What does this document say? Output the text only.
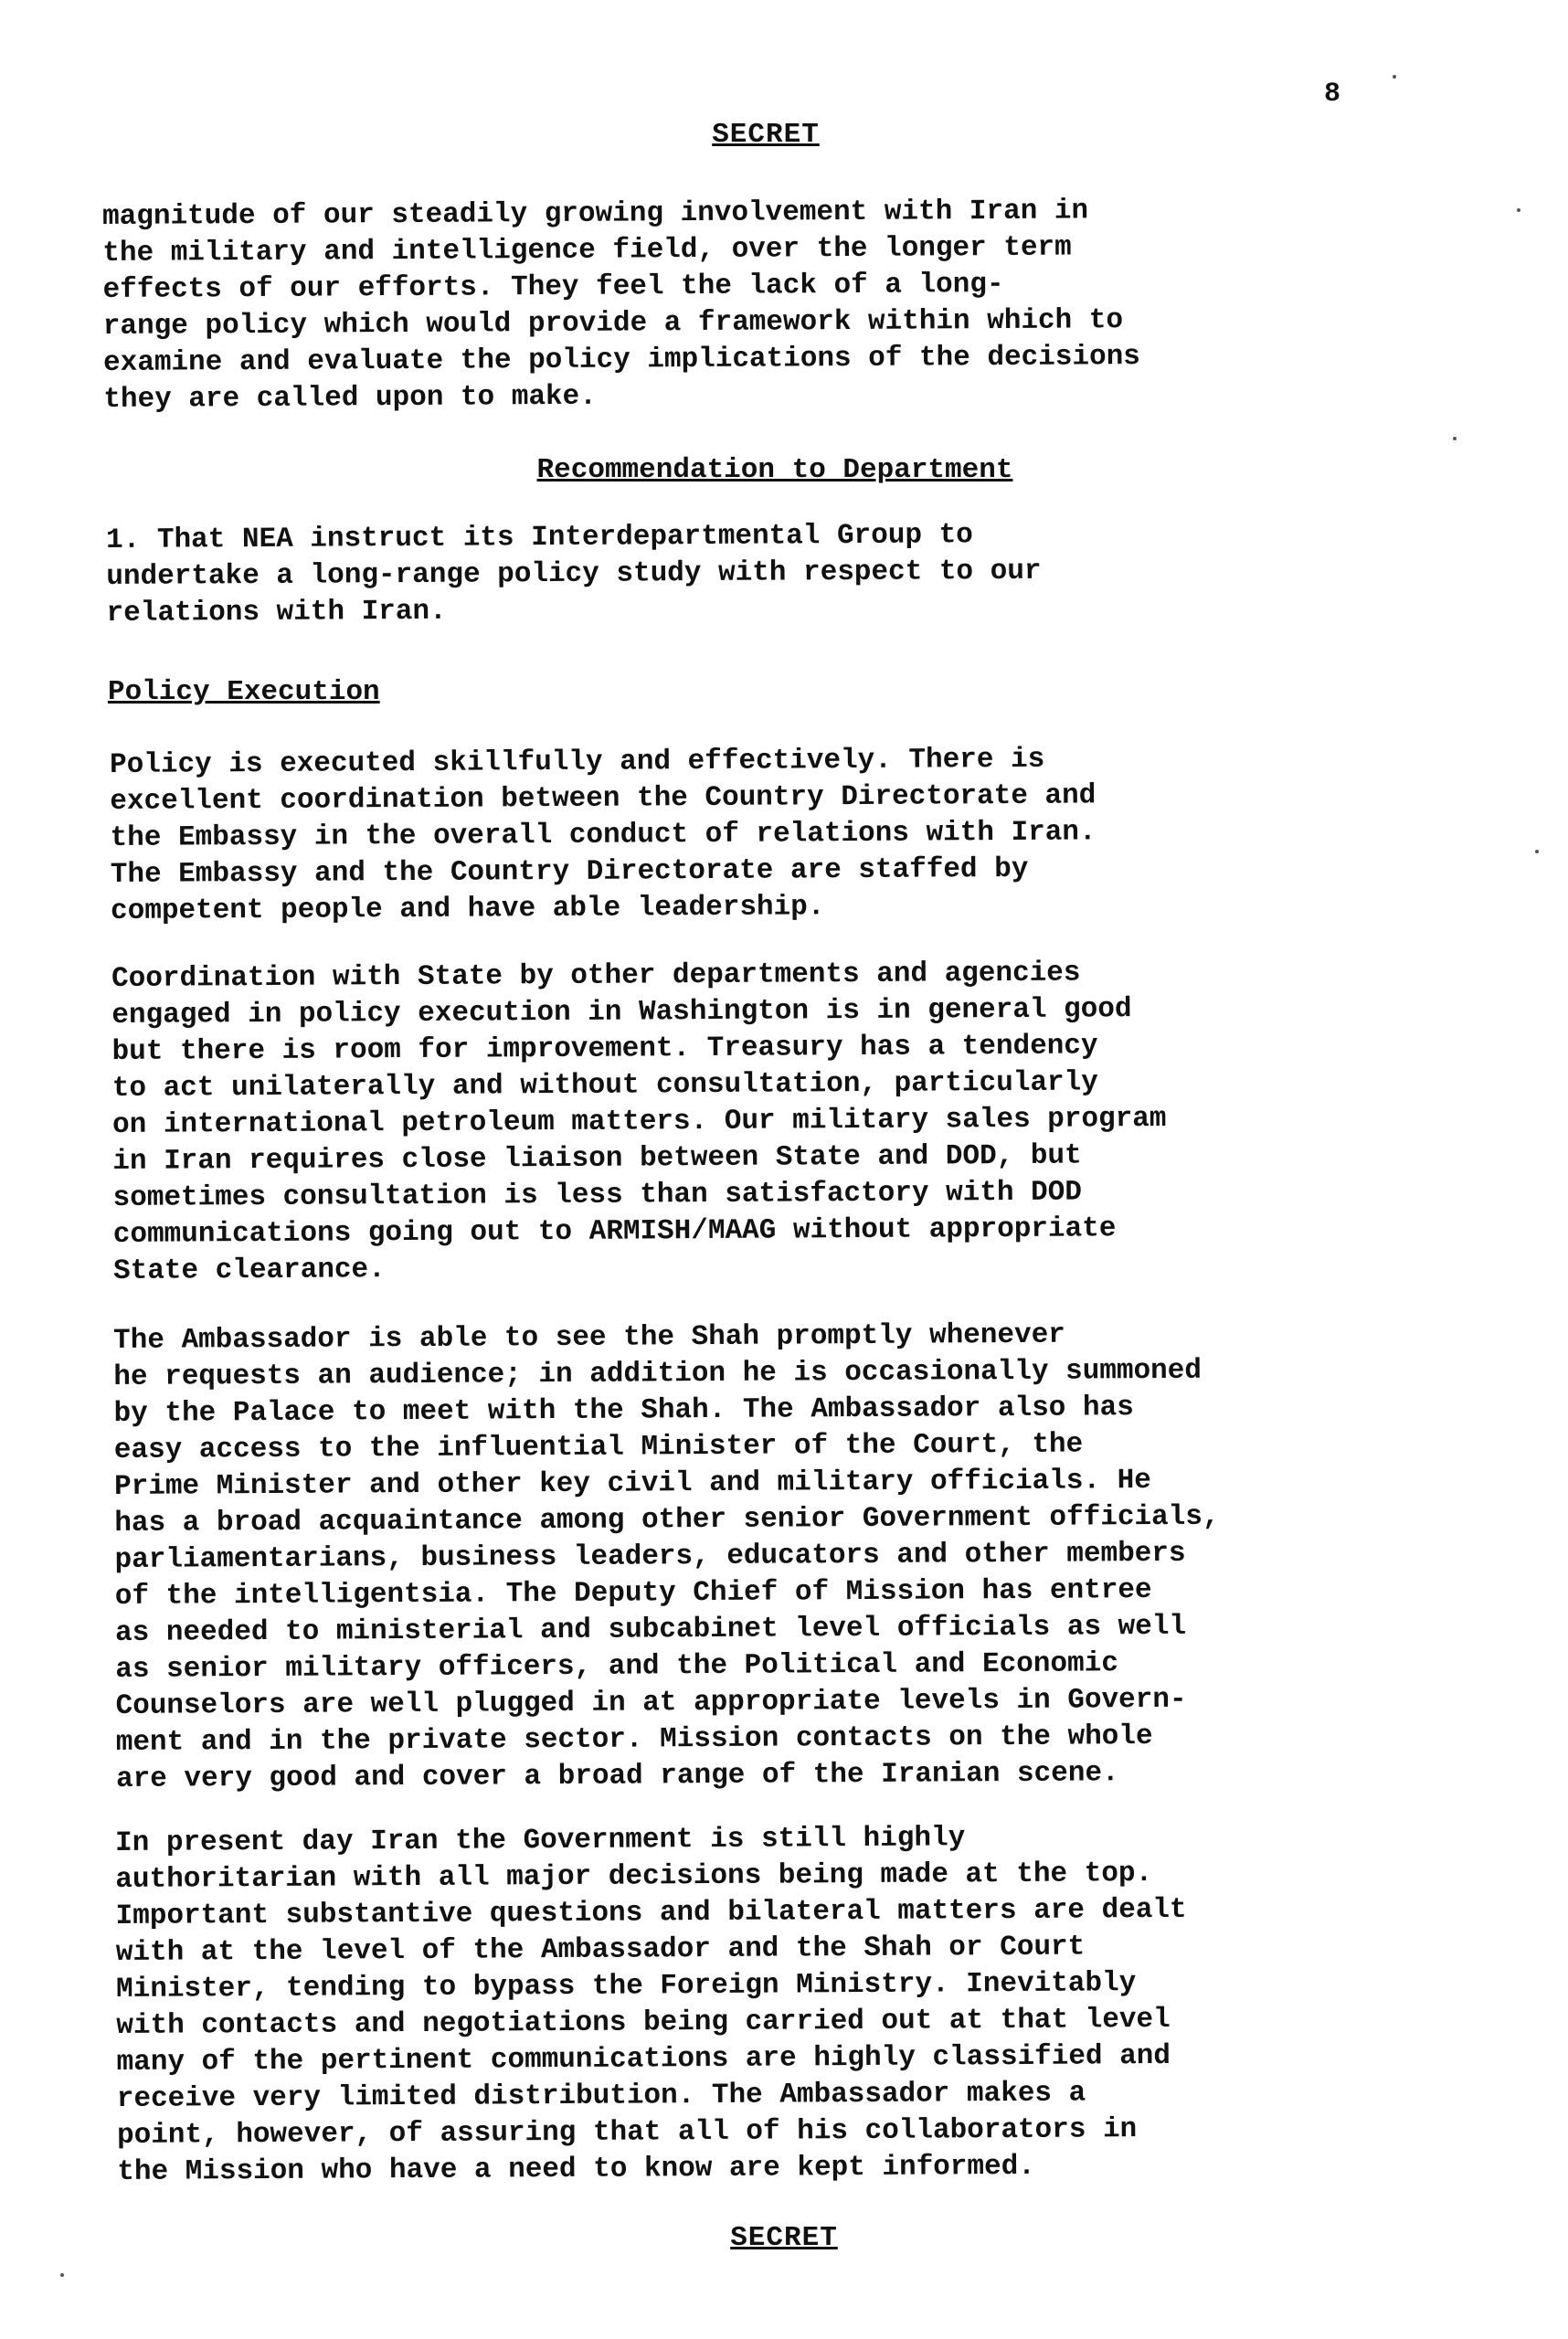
8
SECRET
magnitude of our steadily growing involvement with Iran in
the military and intelligence field, over the longer term
effects of our efforts. They feel the lack of a long-
range policy which would provide a framework within which to
examine and evaluate the policy implications of the decisions
they are called upon to make.
Recommendation to Department
1. That NEA instruct its Interdepartmental Group to
undertake a long-range policy study with respect to our
relations with Iran.
Policy Execution
Policy is executed skillfully and effectively. There is
excellent coordination between the Country Directorate and
the Embassy in the overall conduct of relations with Iran.
The Embassy and the Country Directorate are staffed by
competent people and have able leadership.
Coordination with State by other departments and agencies
engaged in policy execution in Washington is in general good
but there is room for improvement. Treasury has a tendency
to act unilaterally and without consultation, particularly
on international petroleum matters. Our military sales program
in Iran requires close liaison between State and DOD, but
sometimes consultation is less than satisfactory with DOD
communications going out to ARMISH/MAAG without appropriate
State clearance.
The Ambassador is able to see the Shah promptly whenever
he requests an audience; in addition he is occasionally summoned
by the Palace to meet with the Shah. The Ambassador also has
easy access to the influential Minister of the Court, the
Prime Minister and other key civil and military officials. He
has a broad acquaintance among other senior Government officials,
parliamentarians, business leaders, educators and other members
of the intelligentsia. The Deputy Chief of Mission has entree
as needed to ministerial and subcabinet level officials as well
as senior military officers, and the Political and Economic
Counselors are well plugged in at appropriate levels in Govern-
ment and in the private sector. Mission contacts on the whole
are very good and cover a broad range of the Iranian scene.
In present day Iran the Government is still highly
authoritarian with all major decisions being made at the top.
Important substantive questions and bilateral matters are dealt
with at the level of the Ambassador and the Shah or Court
Minister, tending to bypass the Foreign Ministry. Inevitably
with contacts and negotiations being carried out at that level
many of the pertinent communications are highly classified and
receive very limited distribution. The Ambassador makes a
point, however, of assuring that all of his collaborators in
the Mission who have a need to know are kept informed.
SECRET
